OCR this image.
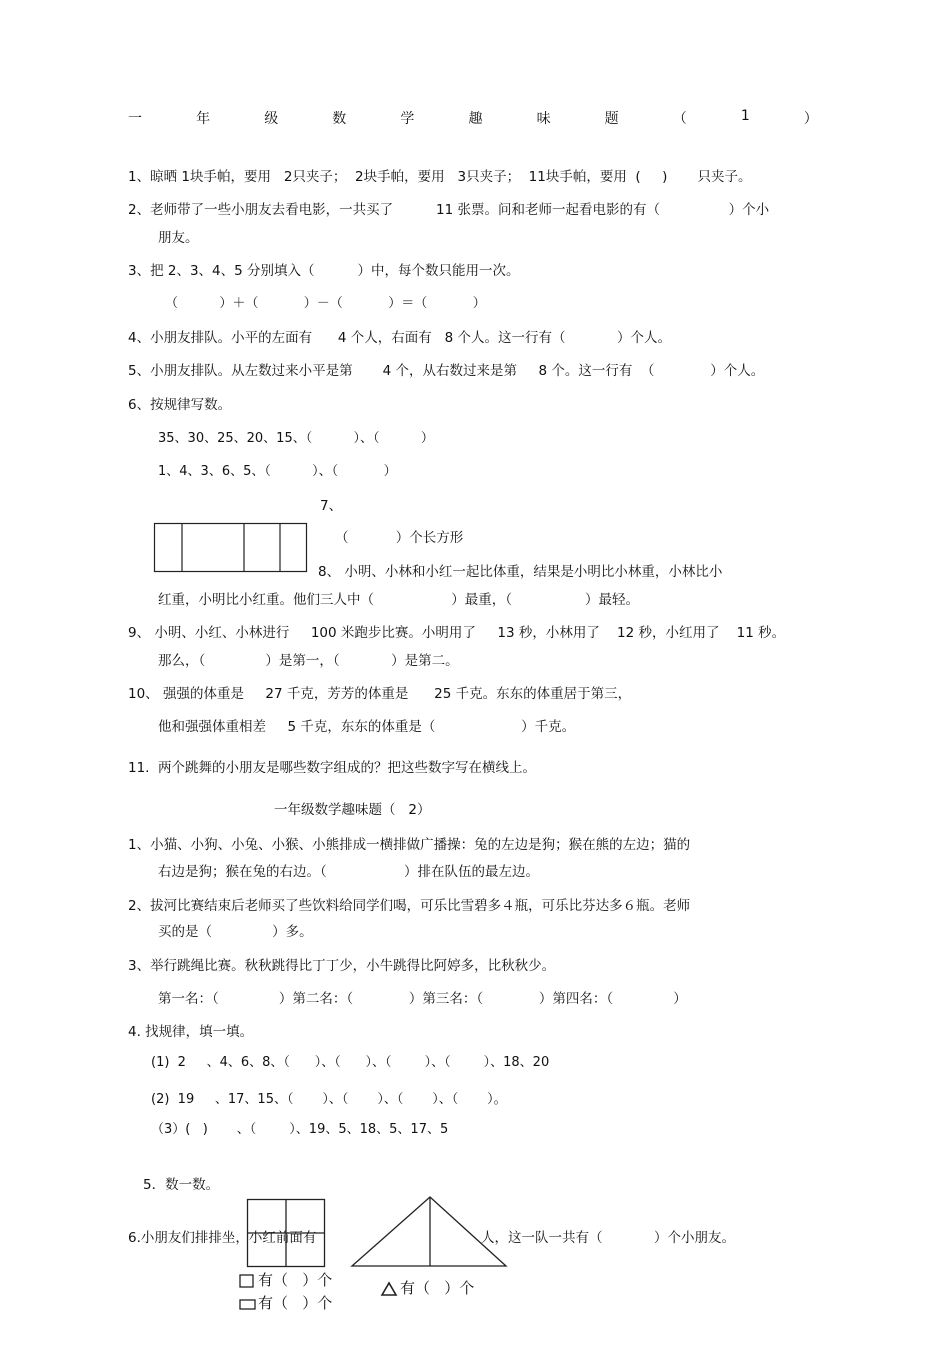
一	年	级	数	学	趣	味	题	（	1	）
1、晾晒 1块手帕，要用   2只夹子；  2块手帕，要用   3只夹子；  11块手帕，要用  (     )       只夹子。
2、老师带了一些小朋友去看电影，一共买了          11 张票。问和老师一起看电影的有（                ）个小
朋友。
3、把 2、3、4、5 分别填入（          ）中，每个数只能用一次。
（          ）＋（           ）－（           ）＝（           ）
4、小朋友排队。小平的左面有      4 个人，右面有   8 个人。这一行有（            ）个人。
5、小朋友排队。从左数过来小平是第       4 个，从右数过来是第     8 个。这一行有  （             ）个人。
6、按规律写数。
35、30、25、20、15、（          ）、（          ）
1、4、3、6、5、（          ）、（           ）
7、
（           ）个长方形
8、 小明、小林和小红一起比体重，结果是小明比小林重，小林比小
红重，小明比小红重。他们三人中（                  ）最重，（                 ）最轻。
9、 小明、小红、小林进行     100 米跑步比赛。小明用了     13 秒，小林用了    12 秒，小红用了    11 秒。
那么，（              ）是第一，（            ）是第二。
10、 强强的体重是     27 千克，芳芳的体重是      25 千克。东东的体重居于第三，
他和强强体重相差     5 千克，东东的体重是（                    ）千克。
11.  两个跳舞的小朋友是哪些数字组成的？把这些数字写在横线上。
一年级数学趣味题（   2）
1、小猫、小狗、小兔、小猴、小熊排成一横排做广播操：兔的左边是狗；猴在熊的左边；猫的
右边是狗；猴在兔的右边。（                  ）排在队伍的最左边。
2、拔河比赛结束后老师买了些饮料给同学们喝，可乐比雪碧多４瓶，可乐比芬达多６瓶。老师
买的是（              ）多。
3、举行跳绳比赛。秋秋跳得比丁丁少，小牛跳得比阿婷多，比秋秋少。
第一名：（              ）第二名：（             ）第三名：（             ）第四名：（              ）
4. 找规律，填一填。
(1)  2     、4、6、8、（      ）、（      ）、（        ）、（        ）、18、20
(2)  19     、17、15、（       ）、（       ）、（       ）、（       ）。
（3）(   )       、（        ）、19、5、18、5、17、5
5．数一数。
6.小朋友们排排坐，小红前面有	人，这一队一共有（            ）个小朋友。
有（   ）个
有（   ）个
有（   ）个
